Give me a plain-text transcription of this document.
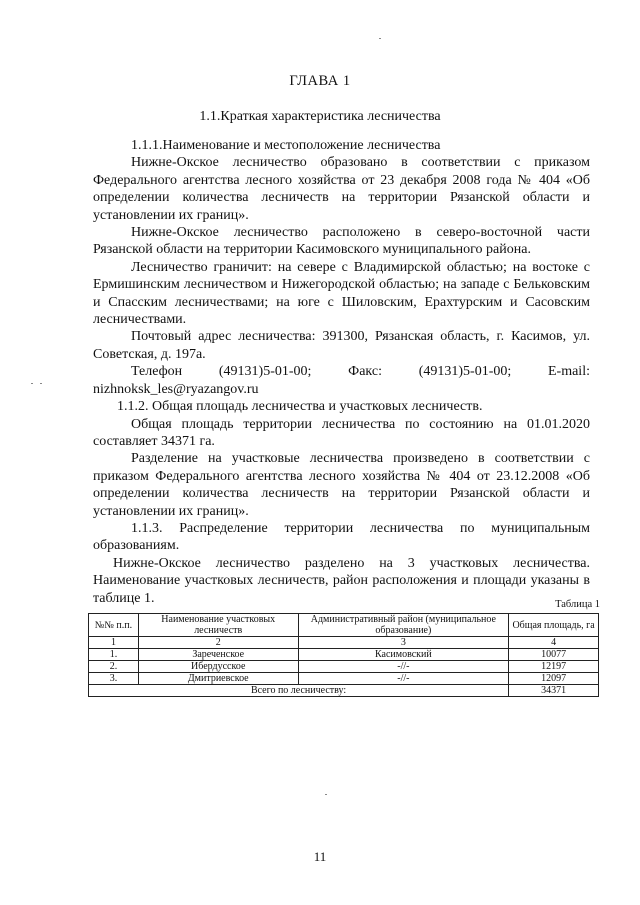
ГЛАВА 1
1.1.Краткая характеристика лесничества

1.1.1.Наименование и местоположение лесничества

Нижне-Окское лесничество образовано в соответствии с приказом Федерального агентства лесного хозяйства от 23 декабря 2008 года № 404 «Об определении количества лесничеств на территории Рязанской области и установлении их границ».

Нижне-Окское лесничество расположено в северо-восточной части Рязанской области на территории Касимовского муниципального района.

Лесничество граничит: на севере с Владимирской областью; на востоке с Ермишинским лесничеством и Нижегородской областью; на западе с Бельковским и Спасским лесничествами; на юге с Шиловским, Ерахтурским и Сасовским лесничествами.

Почтовый адрес лесничества: 391300, Рязанская область, г. Касимов, ул. Советская, д. 197а.

Телефон	(49131)5-01-00;	Факс:	(49131)5-01-00;	E-mail:
nizhnoksk_les@ryazangov.ru

1.1.2. Общая площадь лесничества и участковых лесничеств.

Общая площадь территории лесничества по состоянию на 01.01.2020 составляет 34371 га.

Разделение на участковые лесничества произведено в соответствии с приказом Федерального агентства лесного хозяйства № 404 от 23.12.2008 «Об определении количества лесничеств на территории Рязанской области и установлении их границ».

1.1.3. Распределение территории лесничества по муниципальным образованиям.

Нижне-Окское лесничество разделено на 3 участковых лесничества. Наименование участковых лесничеств, район расположения и площади указаны в таблице 1.	Таблица 1
№№ п.п.	Наименование участковых лесничеств	Административный район (муниципальное образование)	Общая площадь, га
1	2	3	4
1.	Зареченское	Касимовский	10077
2.	Ибердусское	-//-	12197
3.	Дмитриевское	-//-	12097
Всего по лесничеству:			34371
11
